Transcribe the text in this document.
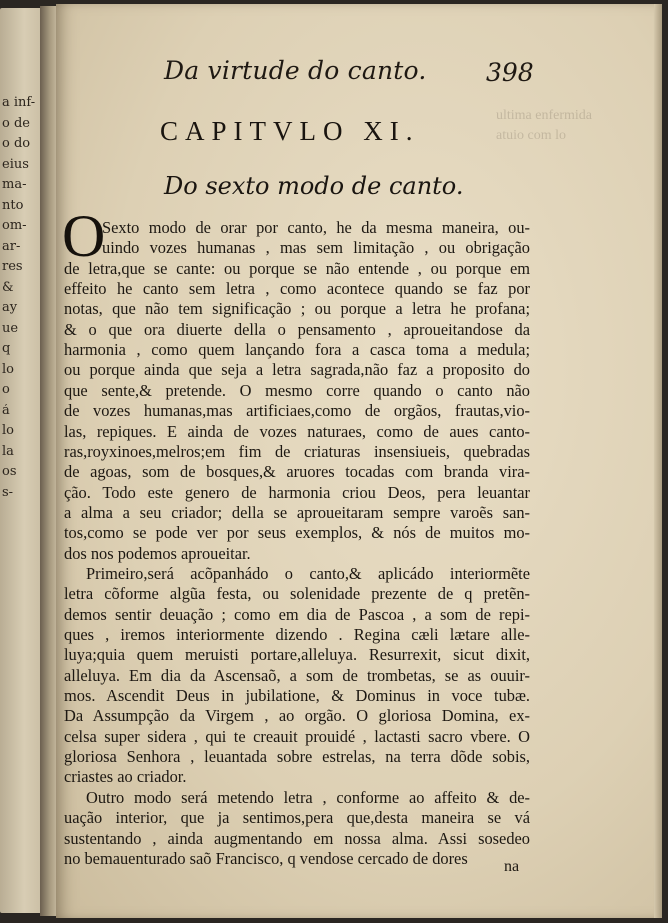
a inf-
o de
o do
eius
ma-
nto
om-
ar-
res
&
ay
ue
q
lo
o
á
lo
la
os
s-
ultima enfermida
atuio com lo
Da virtude do canto. 398
CAPITVLO XI.
Do sexto modo de canto.
O
Sexto modo de orar por canto, he da mesma maneira, ou-
uindo vozes humanas , mas sem limitação , ou obrigação
de letra,que se cante: ou porque se não entende , ou porque em
effeito he canto sem letra , como acontece quando se faz por
notas, que não tem significação ; ou porque a letra he profana;
& o que ora diuerte della o pensamento , aproueitandose da
harmonia , como quem lançando fora a casca toma a medula;
ou porque ainda que seja a letra sagrada,não faz a proposito do
que sente,& pretende. O mesmo corre quando o canto não
de vozes humanas,mas artificiaes,como de orgãos, frautas,vio-
las, repiques. E ainda de vozes naturaes, como de aues canto-
ras,royxinoes,melros;em fim de criaturas insensiueis, quebradas
de agoas, som de bosques,& aruores tocadas com branda vira-
ção. Todo este genero de harmonia criou Deos, pera leuantar
a alma a seu criador; della se aproueitaram sempre varoẽs san-
tos,como se pode ver por seus exemplos, & nós de muitos mo-
dos nos podemos aproueitar.
Primeiro,será acõpanhádo o canto,& aplicádo interiormẽte
letra cõforme algũa festa, ou solenidade prezente de q pretẽn-
demos sentir deuação ; como em dia de Pascoa , a som de repi-
ques , iremos interiormente dizendo . Regina cæli lætare alle-
luya;quia quem meruisti portare,alleluya. Resurrexit, sicut dixit,
alleluya. Em dia da Ascensaõ, a som de trombetas, se as ouuir-
mos. Ascendit Deus in jubilatione, & Dominus in voce tubæ.
Da Assumpção da Virgem , ao orgão. O gloriosa Domina, ex-
celsa super sidera , qui te creauit prouidé , lactasti sacro vbere. O
gloriosa Senhora , leuantada sobre estrelas, na terra dõde sobis,
criastes ao criador.
Outro modo será metendo letra , conforme ao affeito & de-
uação interior, que ja sentimos,pera que,desta maneira se vá
sustentando , ainda augmentando em nossa alma. Assi sosedeo
no bemauenturado saõ Francisco, q vendose cercado de dores	na
